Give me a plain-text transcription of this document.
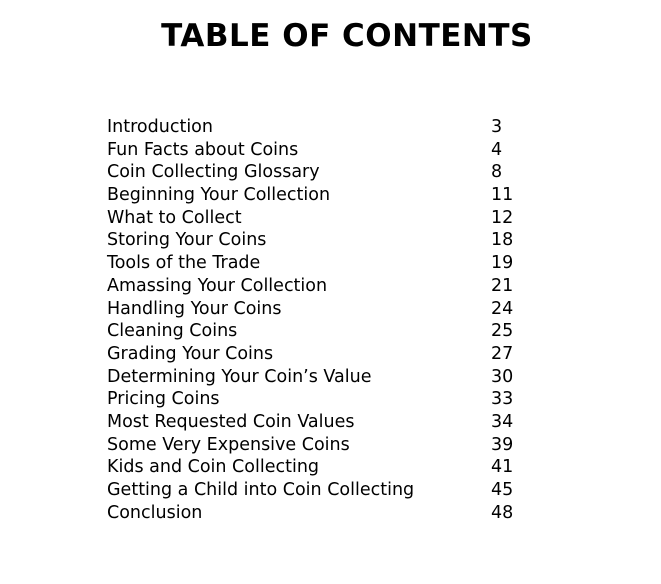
TABLE OF CONTENTS
Introduction	3
Fun Facts about Coins	4
Coin Collecting Glossary	8
Beginning Your Collection	11
What to Collect	12
Storing Your Coins	18
Tools of the Trade	19
Amassing Your Collection	21
Handling Your Coins	24
Cleaning Coins	25
Grading Your Coins	27
Determining Your Coin’s Value	30
Pricing Coins	33
Most Requested Coin Values	34
Some Very Expensive Coins	39
Kids and Coin Collecting	41
Getting a Child into Coin Collecting	45
Conclusion	48
